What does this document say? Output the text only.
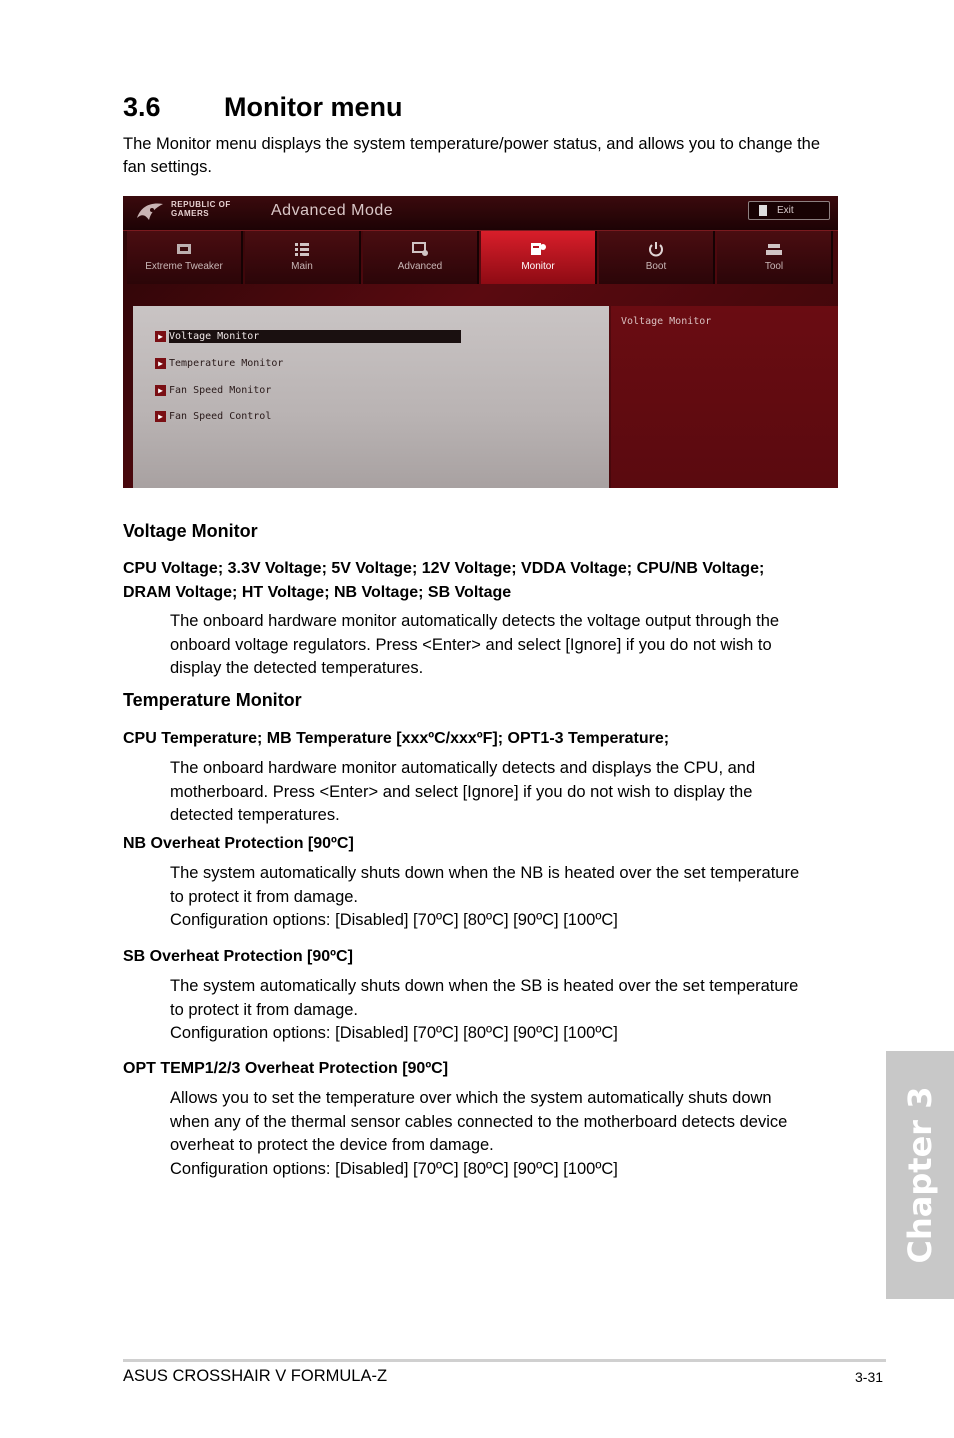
3.6 Monitor menu
The Monitor menu displays the system temperature/power status, and allows you to change the fan settings.
REPUBLIC OF
GAMERS	Advanced Mode	Exit
Extreme Tweaker	Main	Advanced	Monitor	Boot	Tool
▶ Voltage Monitor
▶ Temperature Monitor
▶ Fan Speed Monitor
▶ Fan Speed Control
Voltage Monitor
Voltage Monitor
CPU Voltage; 3.3V Voltage; 5V Voltage; 12V Voltage; VDDA Voltage; CPU/NB Voltage;
DRAM Voltage; HT Voltage; NB Voltage; SB Voltage
The onboard hardware monitor automatically detects the voltage output through the
onboard voltage regulators. Press <Enter> and select [Ignore] if you do not wish to
display the detected temperatures.
Temperature Monitor
CPU Temperature; MB Temperature [xxxºC/xxxºF]; OPT1-3 Temperature;
The onboard hardware monitor automatically detects and displays the CPU, and
motherboard. Press <Enter> and select [Ignore] if you do not wish to display the
detected temperatures.
NB Overheat Protection [90ºC]
The system automatically shuts down when the NB is heated over the set temperature
to protect it from damage.
Configuration options: [Disabled] [70ºC] [80ºC] [90ºC] [100ºC]
SB Overheat Protection [90ºC]
The system automatically shuts down when the SB is heated over the set temperature
to protect it from damage.
Configuration options: [Disabled] [70ºC] [80ºC] [90ºC] [100ºC]
OPT TEMP1/2/3 Overheat Protection [90ºC]
Allows you to set the temperature over which the system automatically shuts down
when any of the thermal sensor cables connected to the motherboard detects device
overheat to protect the device from damage.
Configuration options: [Disabled] [70ºC] [80ºC] [90ºC] [100ºC]	Chapter 3
ASUS CROSSHAIR V FORMULA-Z	3-31
